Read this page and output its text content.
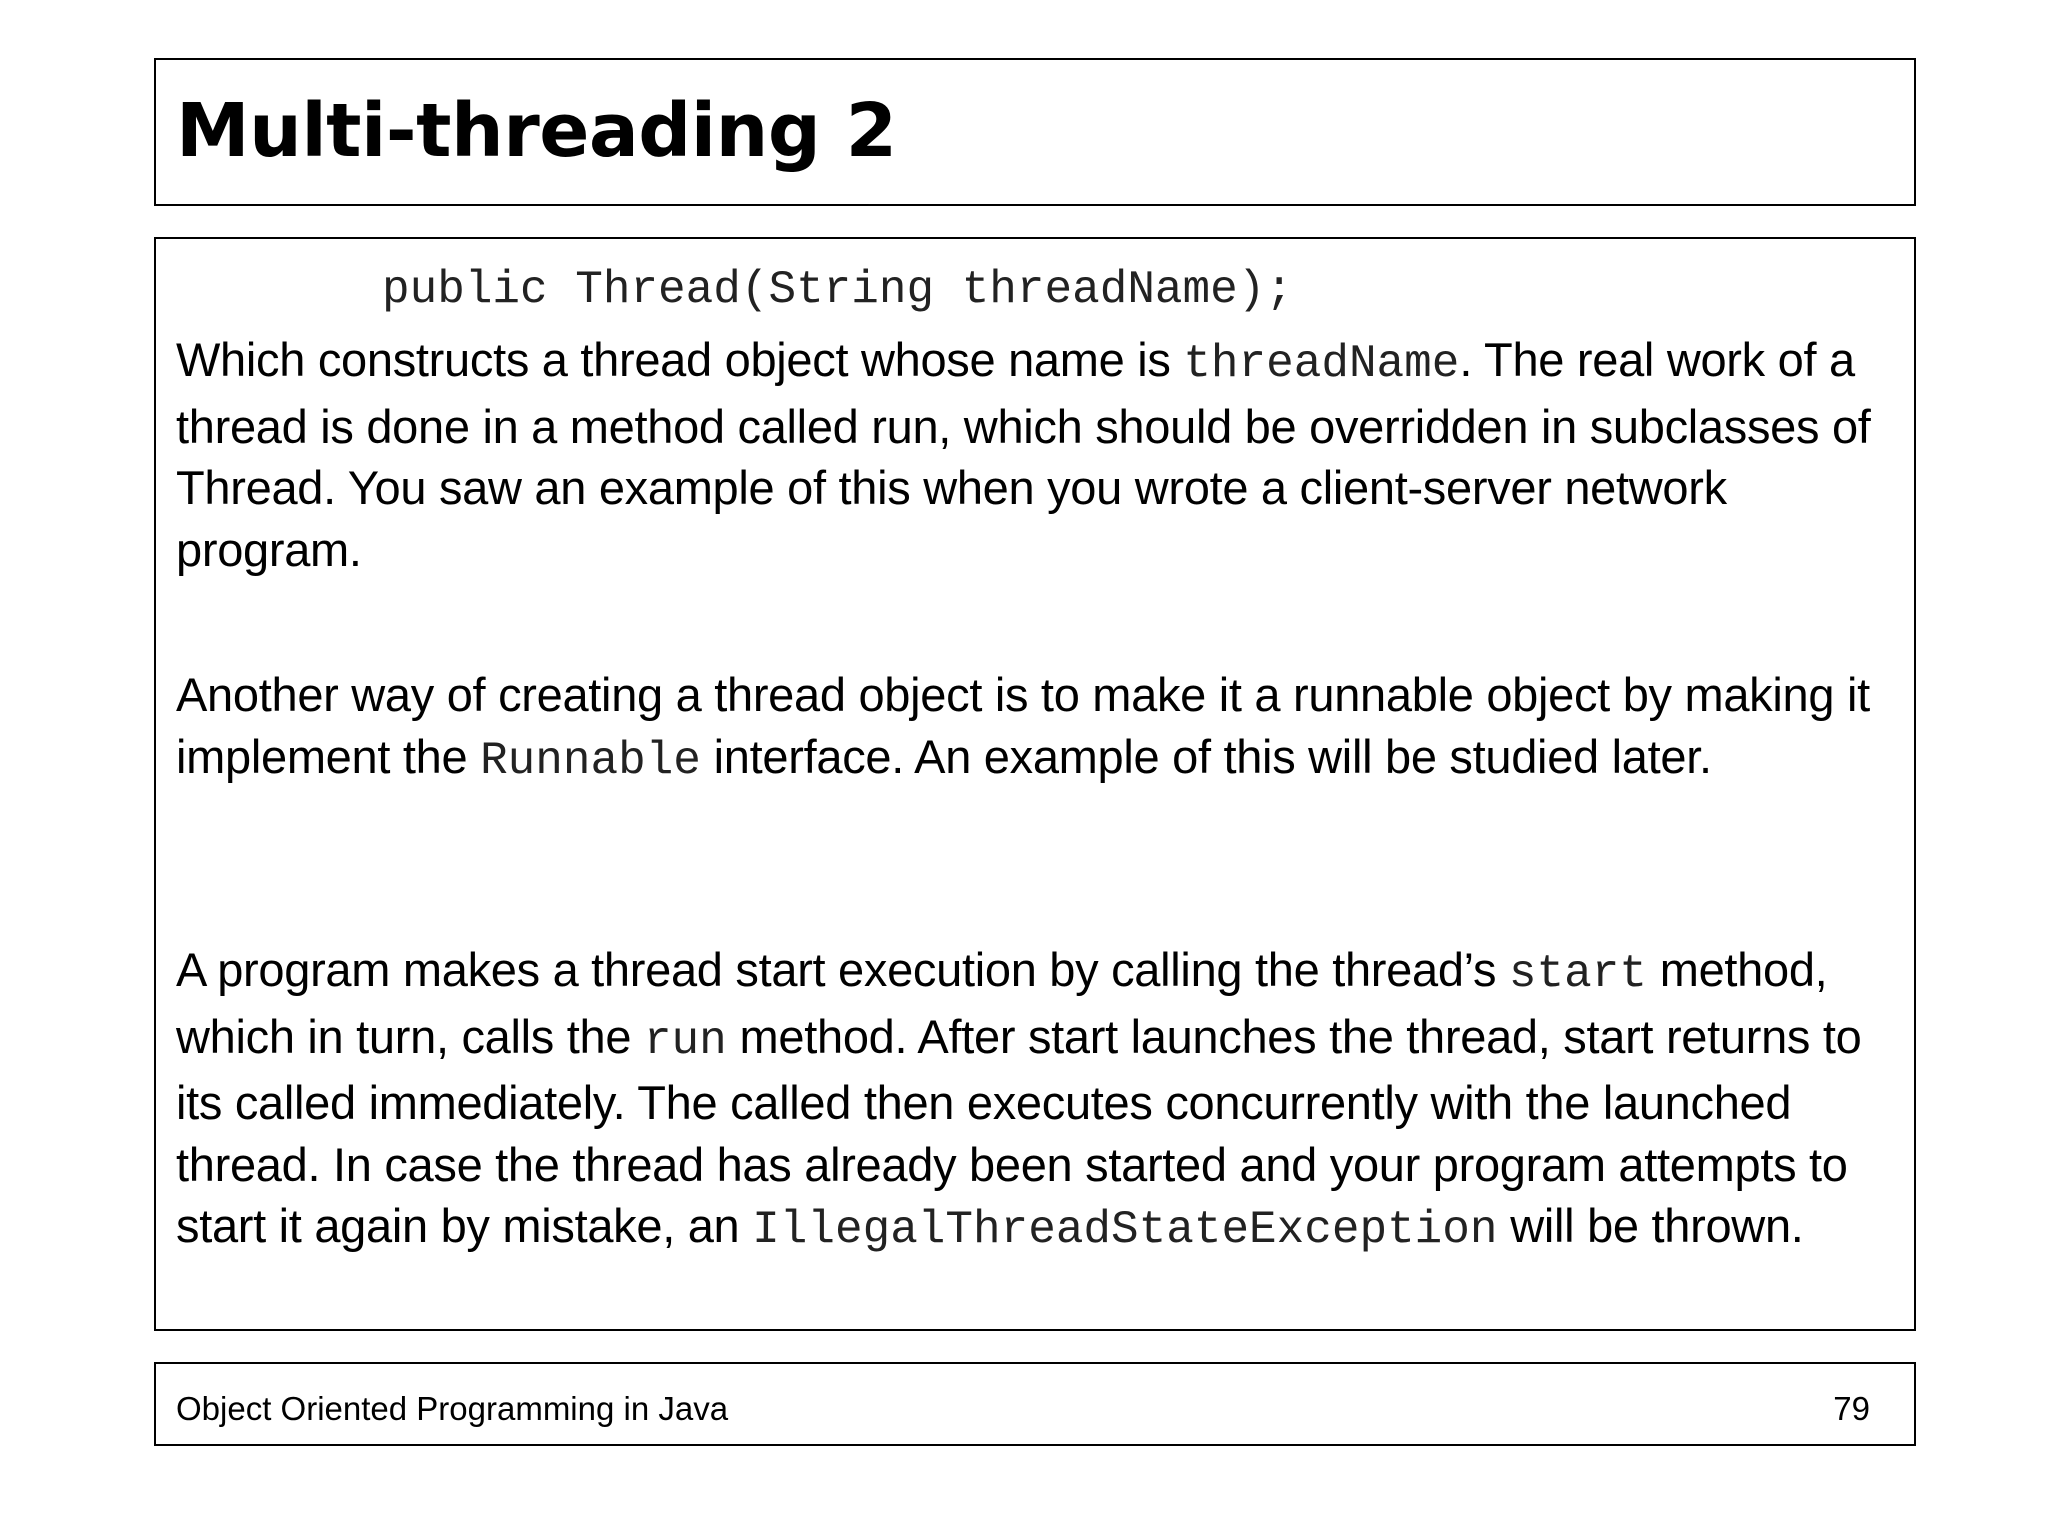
Multi-threading 2
public Thread(String threadName);

Which constructs a thread object whose name is threadName. The real work of a thread is done in a method called run, which should be overridden in subclasses of Thread. You saw an example of this when you wrote a client-server network program.

Another way of creating a thread object is to make it a runnable object by making it implement the Runnable interface. An example of this will be studied later.

A program makes a thread start execution by calling the thread’s start method, which in turn, calls the run method. After start launches the thread, start returns to its called immediately. The called then executes concurrently with the launched thread. In case the thread has already been started and your program attempts to start it again by mistake, an IllegalThreadStateException will be thrown.

Object Oriented Programming in Java	79
